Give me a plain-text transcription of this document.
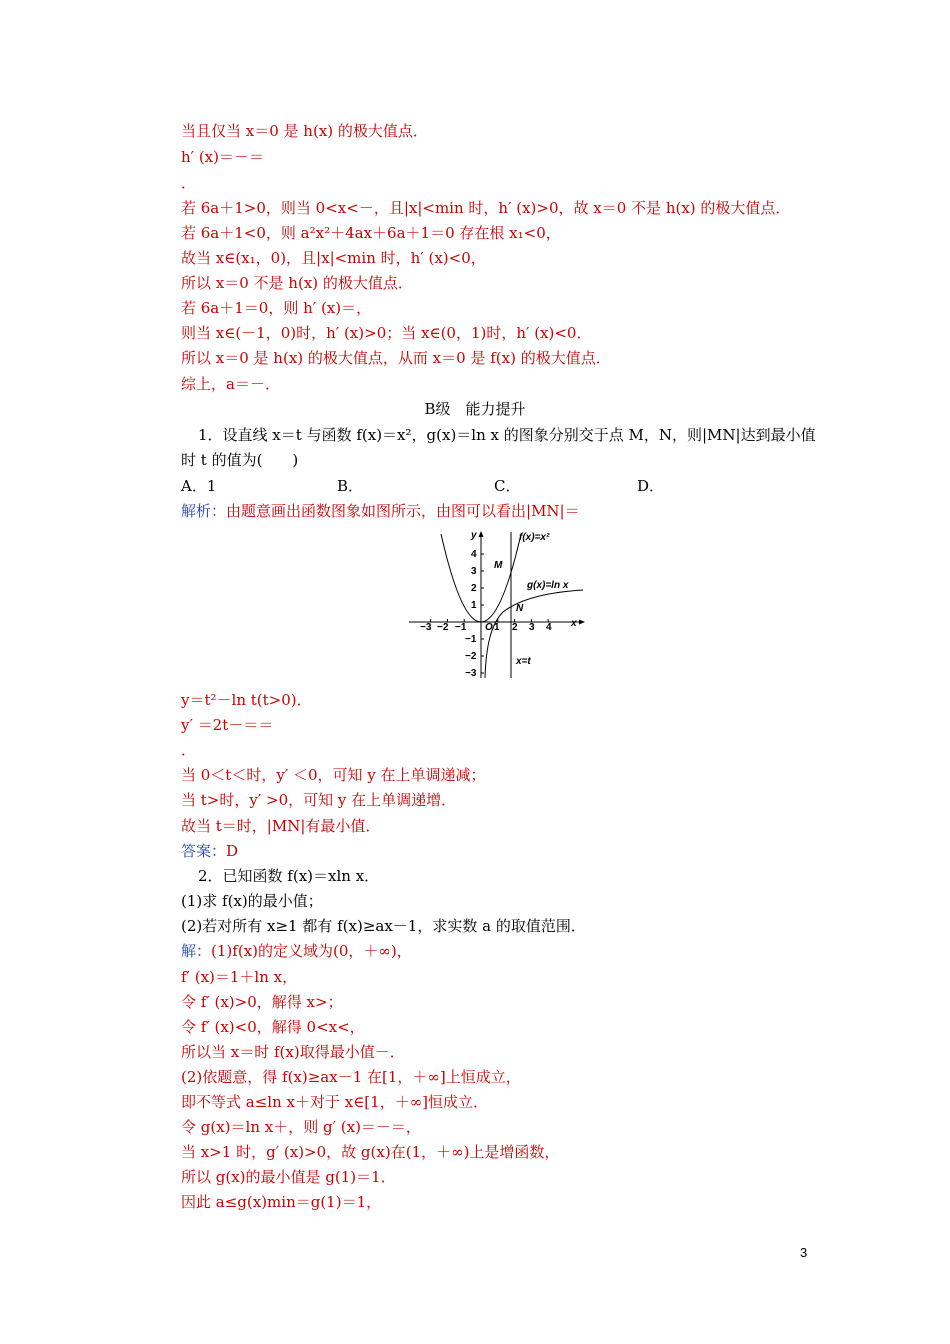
当且仅当 x＝0 是 h(x) 的极大值点．
h′ (x)＝－＝
．
若 6a＋1>0，则当 0<x<－，且|x|<min 时，h′ (x)>0，故 x＝0 不是 h(x) 的极大值点．
若 6a＋1<0，则 a²x²＋4ax＋6a＋1＝0 存在根 x₁<0，
故当 x∈(x₁，0)，且|x|<min 时，h′ (x)<0，
所以 x＝0 不是 h(x) 的极大值点．
若 6a＋1＝0，则 h′ (x)＝，
则当 x∈(－1，0)时，h′ (x)>0；当 x∈(0，1)时，h′ (x)<0．
所以 x＝0 是 h(x) 的极大值点，从而 x＝0 是 f(x) 的极大值点．
综上，a＝－．
B级　能力提升
1．设直线 x＝t 与函数 f(x)＝x²，g(x)＝ln x 的图象分别交于点 M，N，则|MN|达到最小值
时 t 的值为(　　)
A．1	B．	C．	D．
解析：由题意画出函数图象如图所示，由图可以看出|MN|＝
−3 −2 −1	1 2 3 4 x
O
4
3
2
1
−1
−2
−3
y	f(x)=x²
M
g(x)=ln x
N
x=t
y＝t²－ln t(t>0)．
y′ ＝2t－＝＝
．
当 0＜t＜时，y′ ＜0，可知 y 在上单调递减；
当 t>时，y′ >0，可知 y 在上单调递增．
故当 t＝时，|MN|有最小值．
答案：D
2．已知函数 f(x)＝xln x．
(1)求 f(x)的最小值；
(2)若对所有 x≥1 都有 f(x)≥ax－1，求实数 a 的取值范围．
解：(1)f(x)的定义域为(0，＋∞)，
f′ (x)＝1＋ln x，
令 f′ (x)>0，解得 x>；
令 f′ (x)<0，解得 0<x<，
所以当 x＝时 f(x)取得最小值－．
(2)依题意，得 f(x)≥ax－1 在[1，＋∞]上恒成立，
即不等式 a≤ln x＋对于 x∈[1，＋∞]恒成立．
令 g(x)＝ln x＋，则 g′ (x)＝－＝，
当 x>1 时，g′ (x)>0，故 g(x)在(1，＋∞)上是增函数，
所以 g(x)的最小值是 g(1)＝1．
因此 a≤g(x)min＝g(1)＝1，
3
